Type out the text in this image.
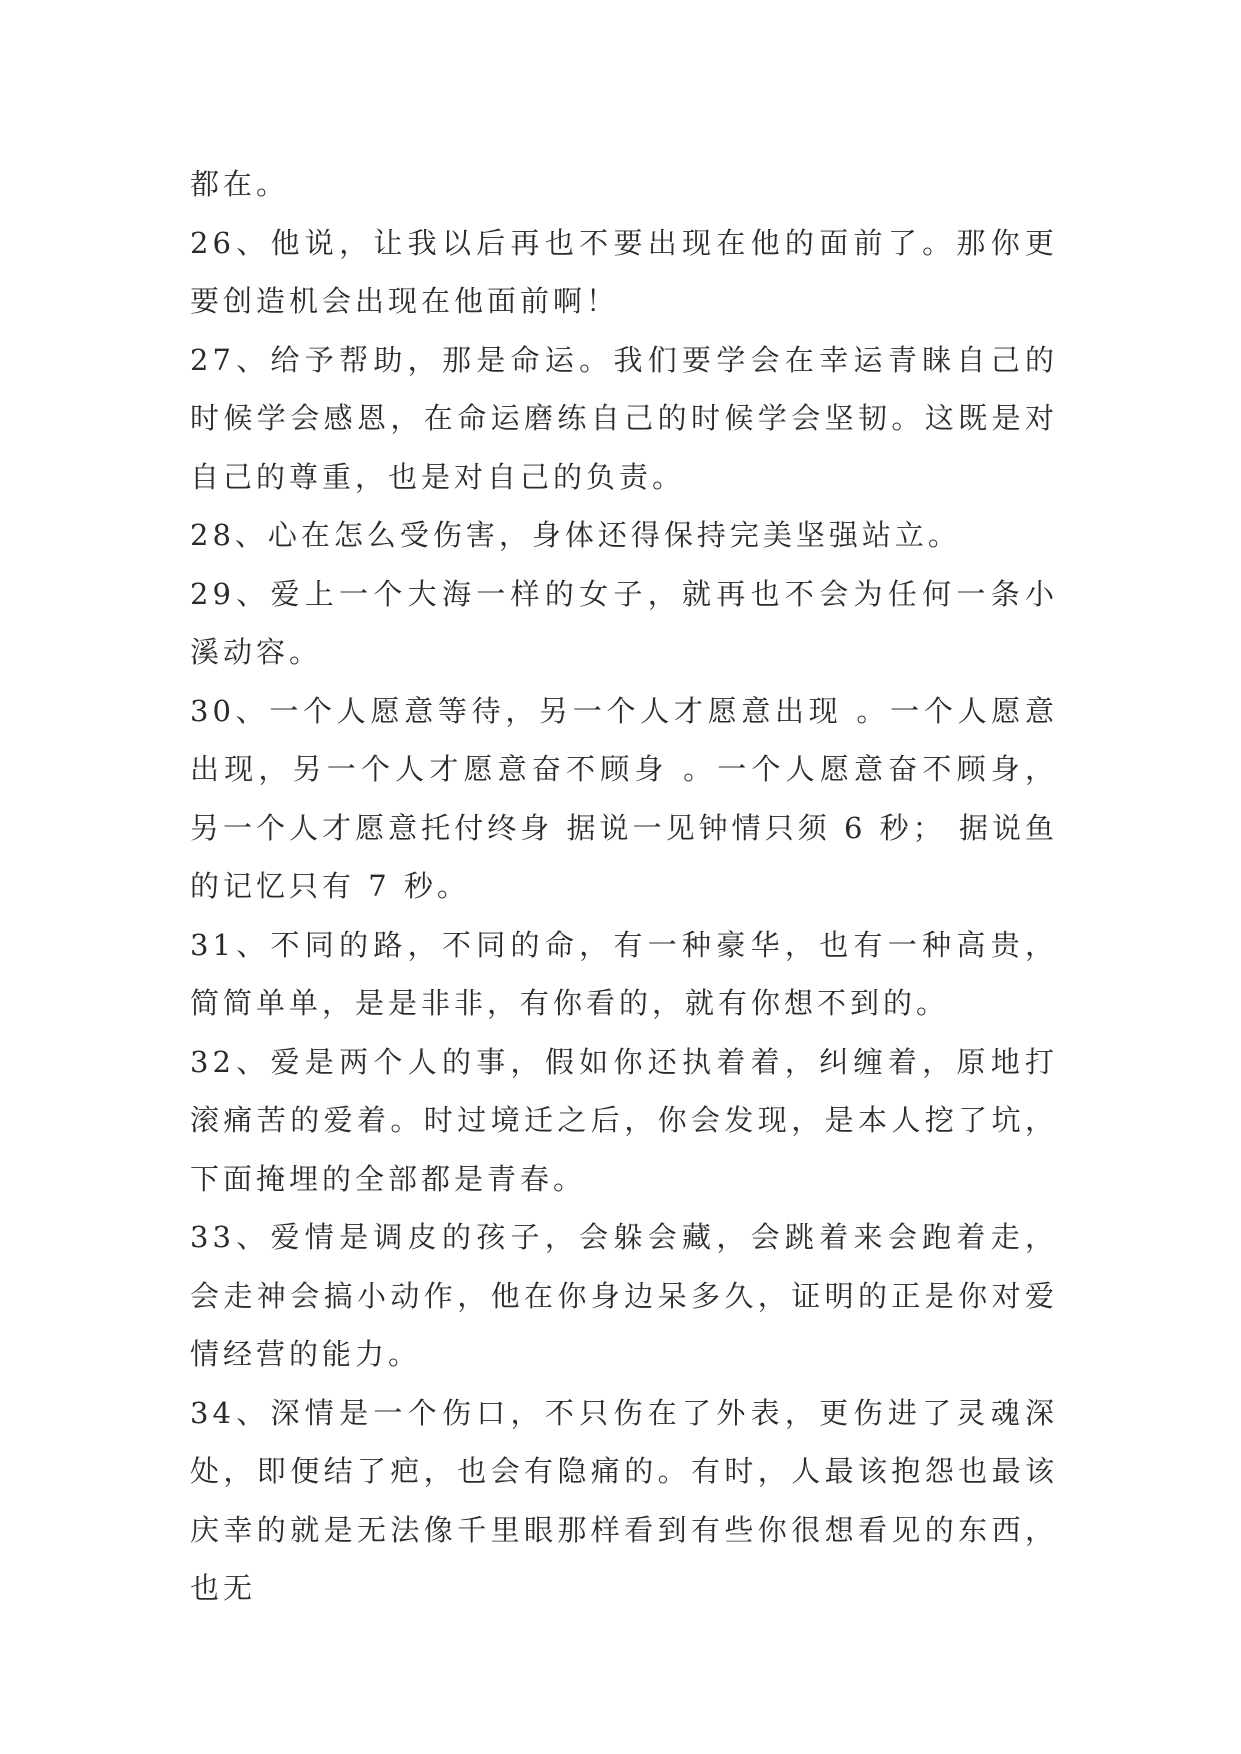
都在。

26、他说，让我以后再也不要出现在他的面前了。那你更要创造机会出现在他面前啊！

27、给予帮助，那是命运。我们要学会在幸运青睐自己的时候学会感恩，在命运磨练自己的时候学会坚韧。这既是对自己的尊重，也是对自己的负责。

28、心在怎么受伤害，身体还得保持完美坚强站立。

29、爱上一个大海一样的女子，就再也不会为任何一条小溪动容。

30、一个人愿意等待，另一个人才愿意出现 。一个人愿意出现，另一个人才愿意奋不顾身 。一个人愿意奋不顾身，另一个人才愿意托付终身 据说一见钟情只须 6 秒； 据说鱼的记忆只有 7 秒。

31、不同的路，不同的命，有一种豪华，也有一种高贵，简简单单，是是非非，有你看的，就有你想不到的。

32、爱是两个人的事，假如你还执着着，纠缠着，原地打滚痛苦的爱着。时过境迁之后，你会发现，是本人挖了坑，下面掩埋的全部都是青春。

33、爱情是调皮的孩子，会躲会藏，会跳着来会跑着走，会走神会搞小动作，他在你身边呆多久，证明的正是你对爱情经营的能力。

34、深情是一个伤口，不只伤在了外表，更伤进了灵魂深处，即便结了疤，也会有隐痛的。有时，人最该抱怨也最该庆幸的就是无法像千里眼那样看到有些你很想看见的东西，也无
